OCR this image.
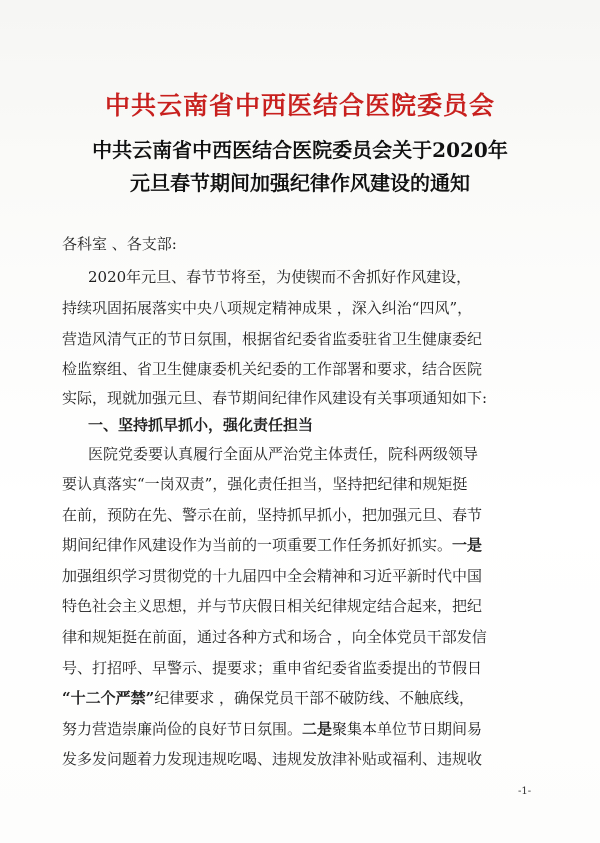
中共云南省中西医结合医院委员会
中共云南省中西医结合医院委员会关于2020年
元旦春节期间加强纪律作风建设的通知
各科室 、各支部:
2020年元旦、春节节将至，为使锲而不舍抓好作风建设，
持续巩固拓展落实中央八项规定精神成果 ，深入纠治“四风”，
营造风清气正的节日氛围，根据省纪委省监委驻省卫生健康委纪
检监察组、省卫生健康委机关纪委的工作部署和要求，结合医院
实际，现就加强元旦、春节期间纪律作风建设有关事项通知如下:
一、坚持抓早抓小，强化责任担当
医院党委要认真履行全面从严治党主体责任，院科两级领导
要认真落实“一岗双责”，强化责任担当，坚持把纪律和规矩挺
在前，预防在先、警示在前，坚持抓早抓小，把加强元旦、春节
期间纪律作风建设作为当前的一项重要工作任务抓好抓实。一是
加强组织学习贯彻党的十九届四中全会精神和习近平新时代中国
特色社会主义思想，并与节庆假日相关纪律规定结合起来，把纪
律和规矩挺在前面，通过各种方式和场合 ，向全体党员干部发信
号、打招呼、早警示、提要求；重申省纪委省监委提出的节假日
“十二个严禁”纪律要求 ，确保党员干部不破防线、不触底线，
努力营造崇廉尚俭的良好节日氛围。二是聚集本单位节日期间易
发多发问题着力发现违规吃喝、违规发放津补贴或福利、违规收
-1-
